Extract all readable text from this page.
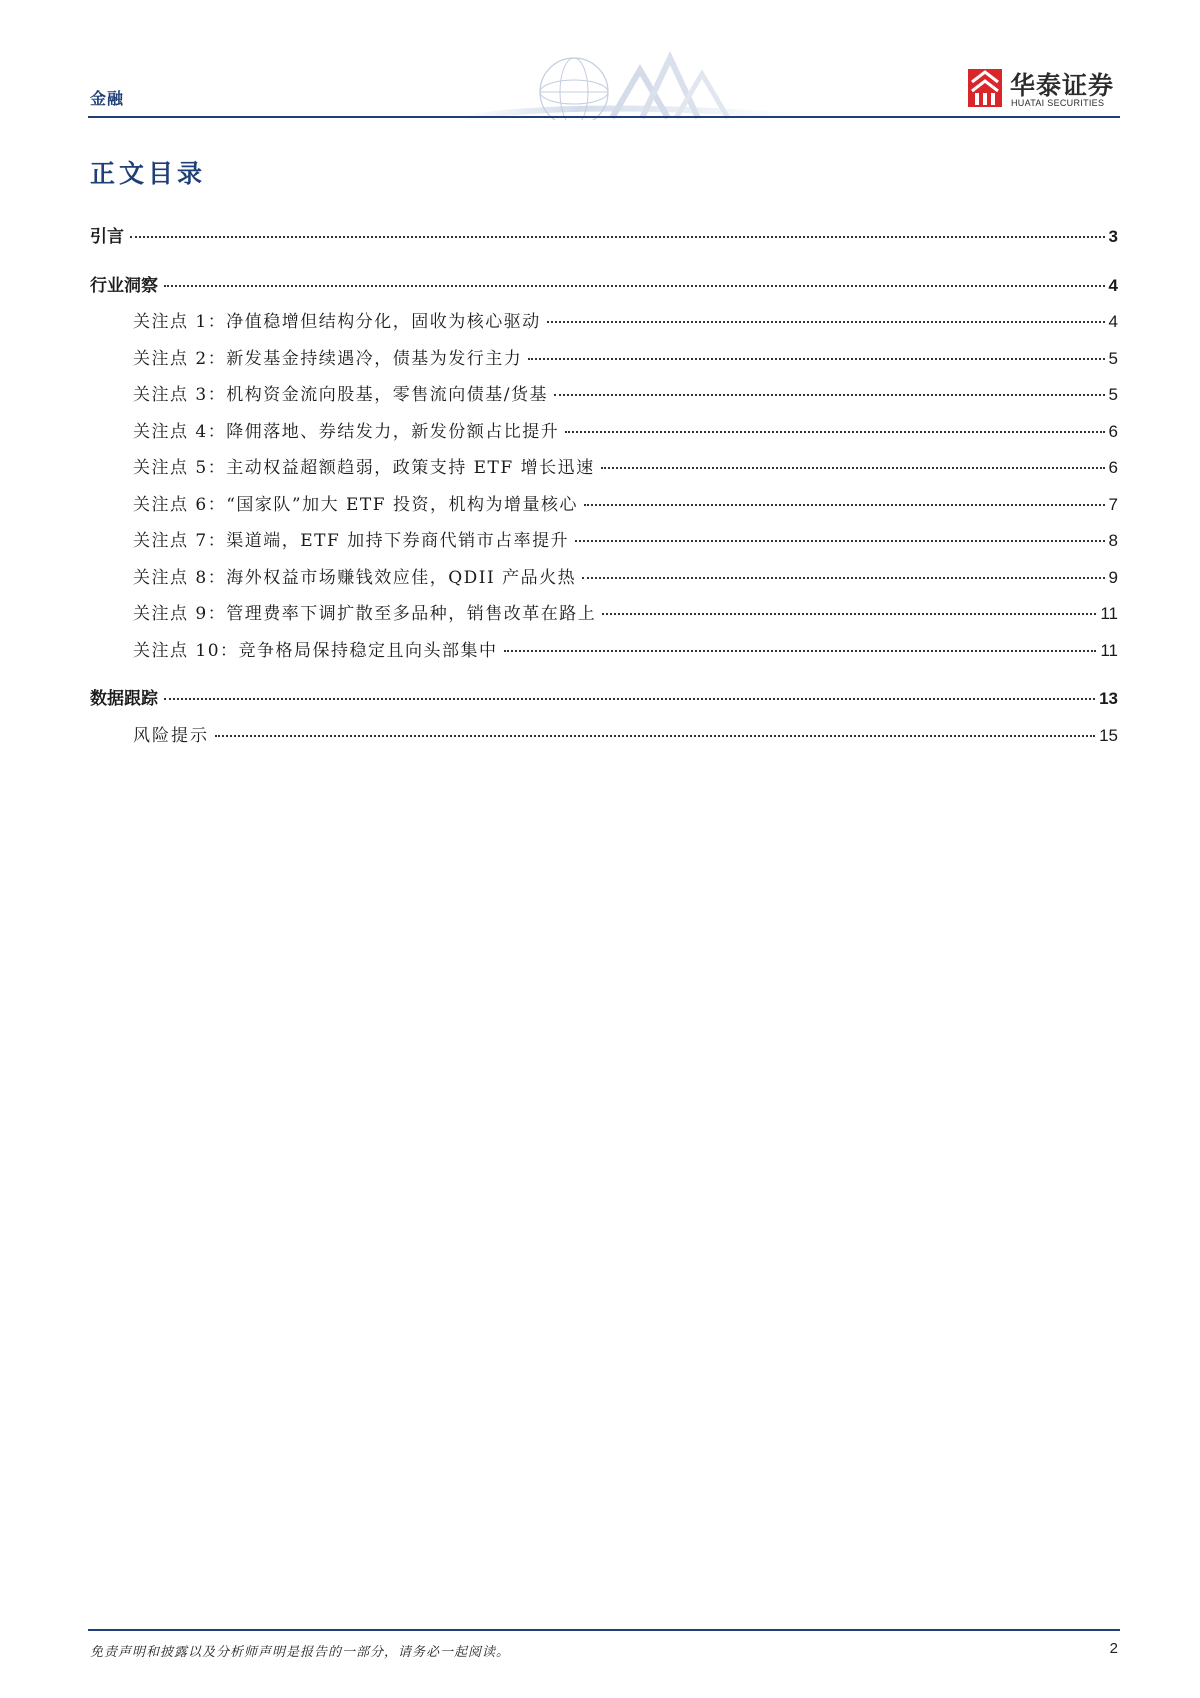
金融	华泰证券
HUATAI SECURITIES
正文目录
引言	3
行业洞察	4
关注点 1：净值稳增但结构分化，固收为核心驱动	4
关注点 2：新发基金持续遇冷，债基为发行主力	5
关注点 3：机构资金流向股基，零售流向债基/货基	5
关注点 4：降佣落地、券结发力，新发份额占比提升	6
关注点 5：主动权益超额趋弱，政策支持 ETF 增长迅速	6
关注点 6：“国家队”加大 ETF 投资，机构为增量核心	7
关注点 7：渠道端，ETF 加持下券商代销市占率提升	8
关注点 8：海外权益市场赚钱效应佳，QDII 产品火热	9
关注点 9：管理费率下调扩散至多品种，销售改革在路上	11
关注点 10：竞争格局保持稳定且向头部集中	11
数据跟踪	13
风险提示	15
免责声明和披露以及分析师声明是报告的一部分，请务必一起阅读。	2
